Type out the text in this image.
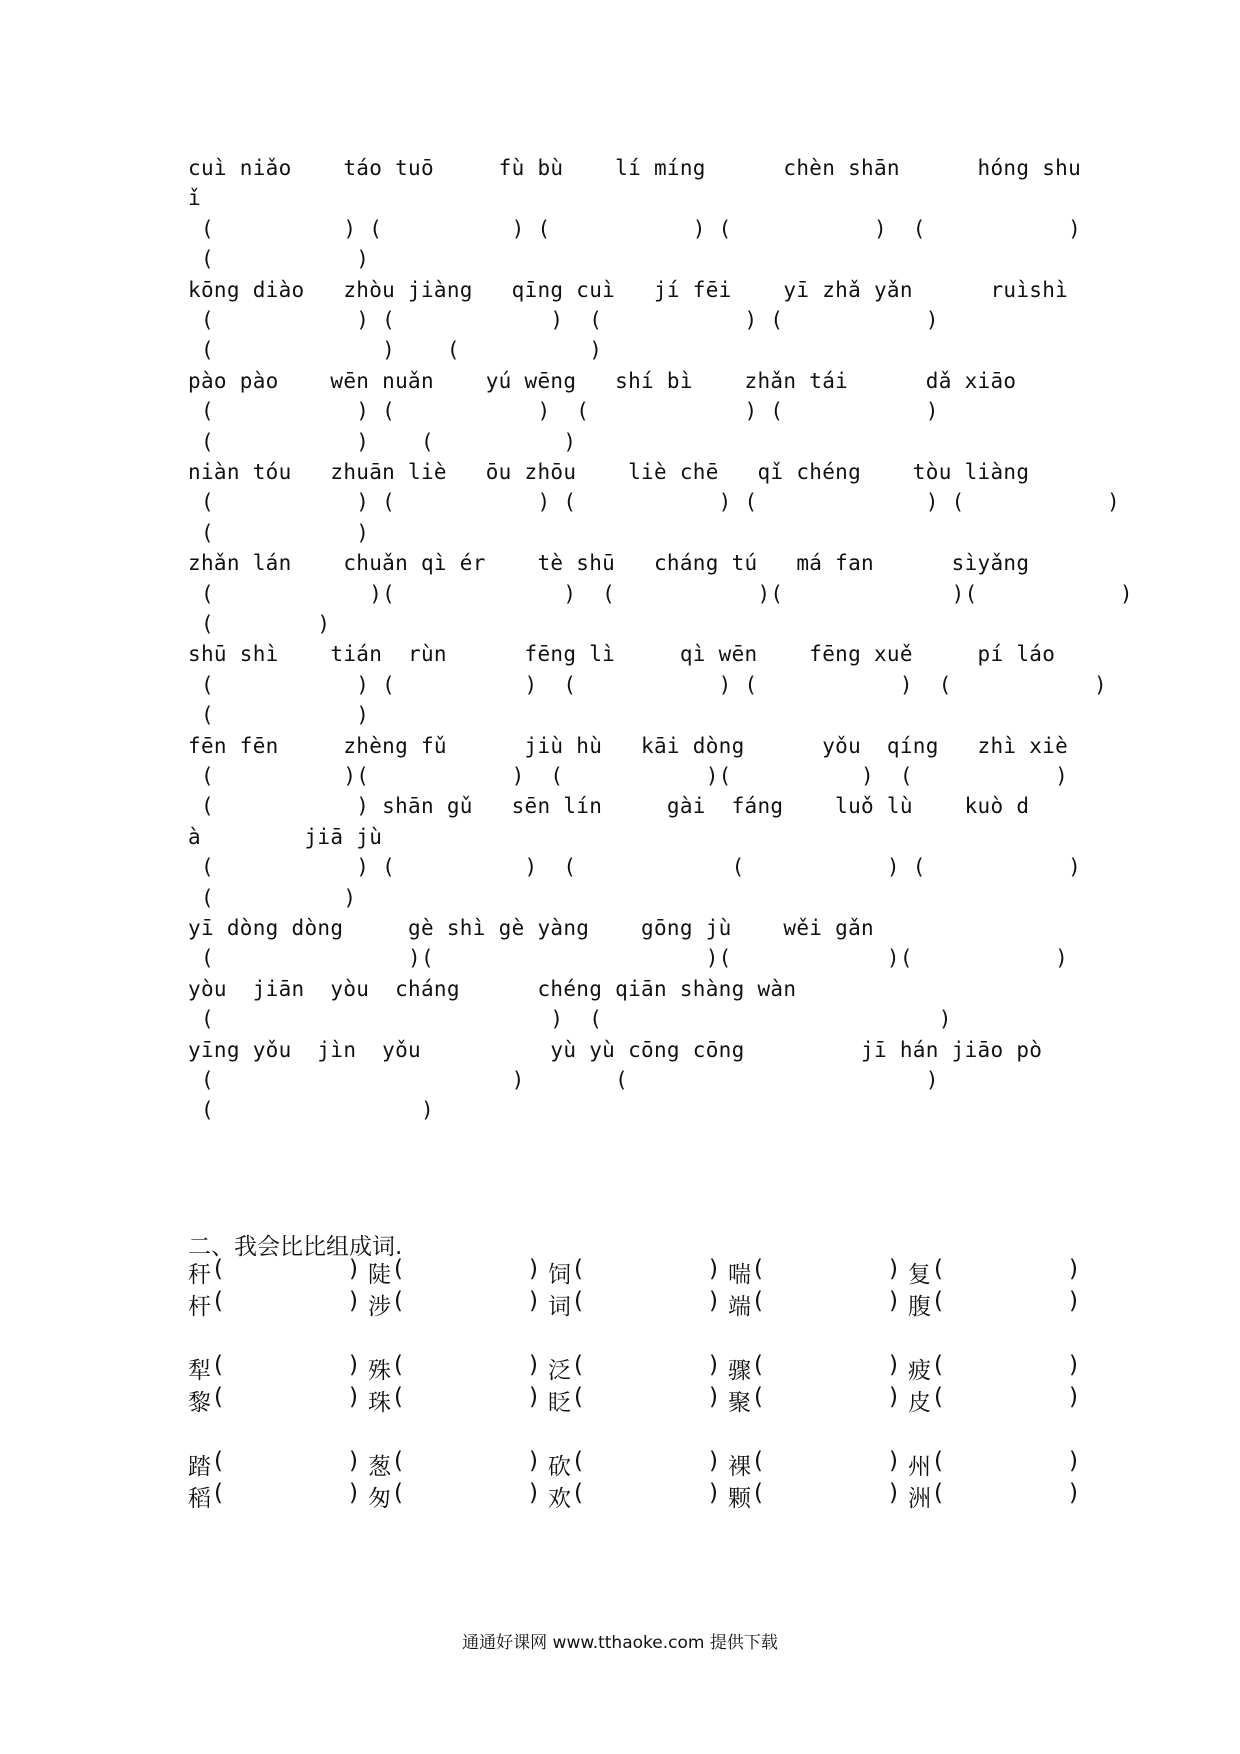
cuì niǎo    táo tuō     fù bù    lí míng      chèn shān      hóng shu
ǐ
(          ) (          ) (           ) (           )  (           )
(           )
kōng diào   zhòu jiàng   qīng cuì   jí fēi    yī zhǎ yǎn      ruìshì
(           ) (            )  (           ) (           )
(             )    (          )
pào pào    wēn nuǎn    yú wēng   shí bì    zhǎn tái      dǎ xiāo
(           ) (           )  (            ) (           )
(           )    (          )
niàn tóu   zhuān liè   ōu zhōu    liè chē   qǐ chéng    tòu liàng
(           ) (           ) (           ) (             ) (           )
(           )
zhǎn lán    chuǎn qì ér    tè shū   cháng tú   má fan      sìyǎng
(            )(             )  (           )(             )(           )
(        )
shū shì    tián  rùn      fēng lì     qì wēn    fēng xuě     pí láo
(           ) (          )  (           ) (           )  (           )
(           )
fēn fēn     zhèng fǔ      jiù hù   kāi dòng      yǒu  qíng   zhì xiè
(          )(           )  (           )(          )  (           )
(           ) shān gǔ   sēn lín     gài  fáng    luǒ lù    kuò d
à        jiā jù
(           ) (          )  (            (           ) (           )
(          )
yī dòng dòng     gè shì gè yàng    gōng jù    wěi gǎn
(               )(                     )(            )(           )
yòu  jiān  yòu  cháng      chéng qiān shàng wàn
(                          )  (                          )
yīng yǒu  jìn  yǒu          yù yù cōng cōng         jī hán jiāo pò
(                       )       (                       )
(                )
二、我会比比组成词.
秆 (	) 陡 (	) 饲 (	) 喘 (	) 复 (	)
杆 (	) 涉 (	) 词 (	) 端 (	) 腹 (	)
犁 (	) 殊 (	) 泛 (	) 骤 (	) 疲 (	)
黎 (	) 珠 (	) 眨 (	) 聚 (	) 皮 (	)
踏 (	) 葱 (	) 砍 (	) 裸 (	) 州 (	)
稻 (	) 匆 (	) 欢 (	) 颗 (	) 洲 (	)
通通好课网 www.tthaoke.com 提供下载
